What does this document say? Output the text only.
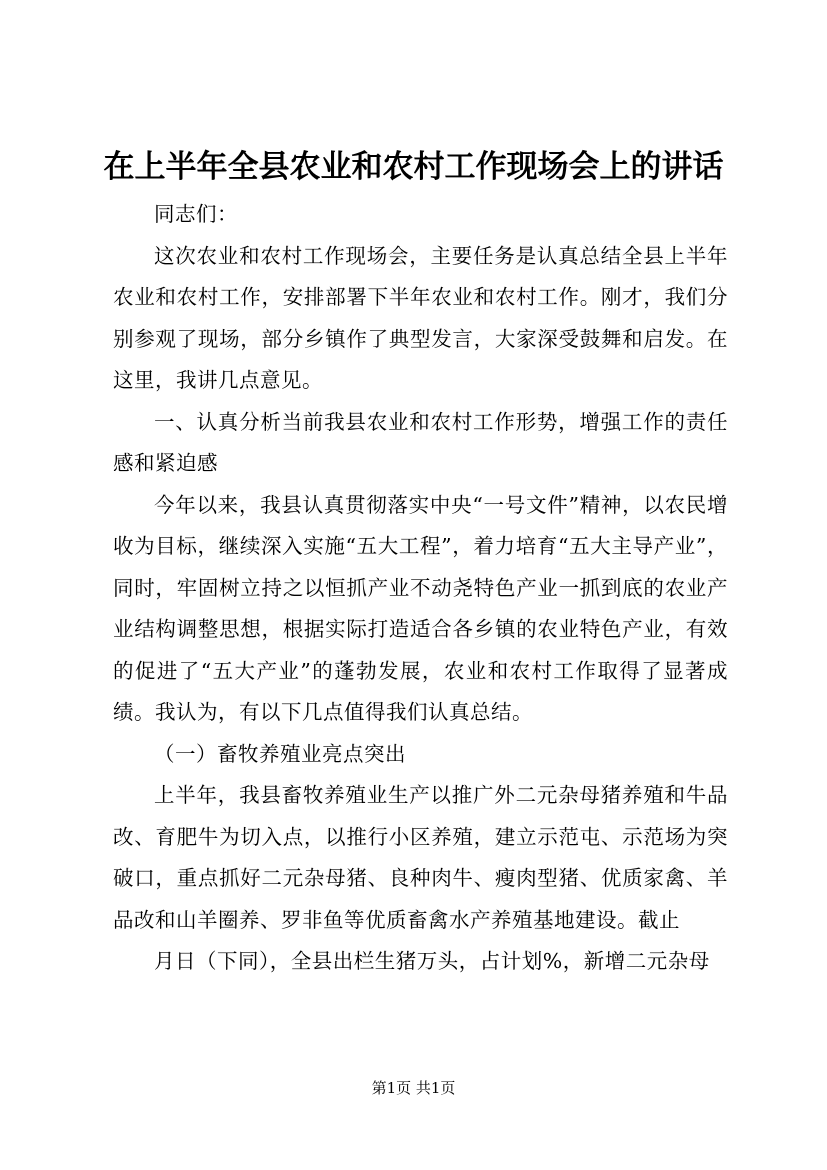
在上半年全县农业和农村工作现场会上的讲话

同志们：

这次农业和农村工作现场会，主要任务是认真总结全县上半年农业和农村工作，安排部署下半年农业和农村工作。刚才，我们分别参观了现场，部分乡镇作了典型发言，大家深受鼓舞和启发。在这里，我讲几点意见。

一、认真分析当前我县农业和农村工作形势，增强工作的责任感和紧迫感

今年以来，我县认真贯彻落实中央“一号文件”精神，以农民增收为目标，继续深入实施“五大工程”，着力培育“五大主导产业”，同时，牢固树立持之以恒抓产业不动尧特色产业一抓到底的农业产业结构调整思想，根据实际打造适合各乡镇的农业特色产业，有效的促进了“五大产业”的蓬勃发展，农业和农村工作取得了显著成绩。我认为，有以下几点值得我们认真总结。

（一）畜牧养殖业亮点突出

上半年，我县畜牧养殖业生产以推广外二元杂母猪养殖和牛品改、育肥牛为切入点，以推行小区养殖，建立示范屯、示范场为突破口，重点抓好二元杂母猪、良种肉牛、瘦肉型猪、优质家禽、羊品改和山羊圈养、罗非鱼等优质畜禽水产养殖基地建设。截止

月日（下同），全县出栏生猪万头，占计划%，新增二元杂母

第1页 共1页
